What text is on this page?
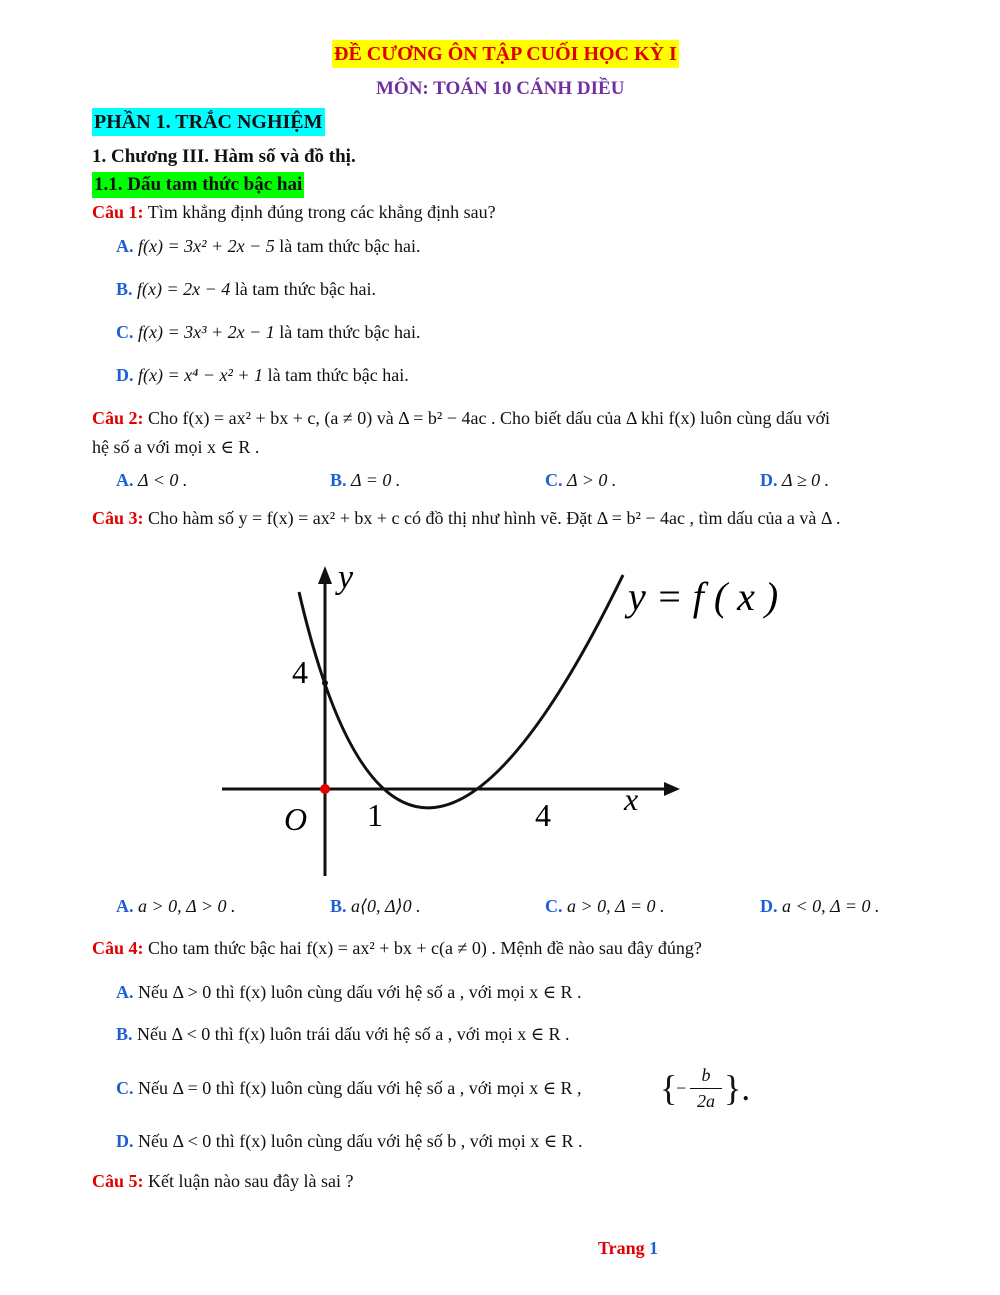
ĐỀ CƯƠNG ÔN TẬP CUỐI HỌC KỲ I
MÔN: TOÁN 10 CÁNH DIỀU
PHẦN 1. TRẮC NGHIỆM
1. Chương III. Hàm số và đồ thị.
1.1. Dấu tam thức bậc hai
Câu 1: Tìm khẳng định đúng trong các khẳng định sau?
A. f(x) = 3x² + 2x − 5 là tam thức bậc hai.
B. f(x) = 2x − 4 là tam thức bậc hai.
C. f(x) = 3x³ + 2x − 1 là tam thức bậc hai.
D. f(x) = x⁴ − x² + 1 là tam thức bậc hai.
Câu 2: Cho f(x) = ax² + bx + c, (a ≠ 0) và Δ = b² − 4ac . Cho biết dấu của Δ khi f(x) luôn cùng dấu với
hệ số a với mọi x ∈ R .
A. Δ < 0 .	B. Δ = 0 .	C. Δ > 0 .	D. Δ ≥ 0 .
Câu 3: Cho hàm số y = f(x) = ax² + bx + c có đồ thị như hình vẽ. Đặt Δ = b² − 4ac , tìm dấu của a và Δ .
y
x
O
4
1	4
y = f ( x )
A. a > 0, Δ > 0 .	B. a⟨0, Δ⟩0 .	C. a > 0, Δ = 0 .	D. a < 0, Δ = 0 .
Câu 4: Cho tam thức bậc hai f(x) = ax² + bx + c(a ≠ 0) . Mệnh đề nào sau đây đúng?
A. Nếu Δ > 0 thì f(x) luôn cùng dấu với hệ số a , với mọi x ∈ R .
B. Nếu Δ < 0 thì f(x) luôn trái dấu với hệ số a , với mọi x ∈ R .
C. Nếu Δ = 0 thì f(x) luôn cùng dấu với hệ số a , với mọi x ∈ R , {
−
b
2a }.
D. Nếu Δ < 0 thì f(x) luôn cùng dấu với hệ số b , với mọi x ∈ R .
Câu 5: Kết luận nào sau đây là sai ?
Trang 1
